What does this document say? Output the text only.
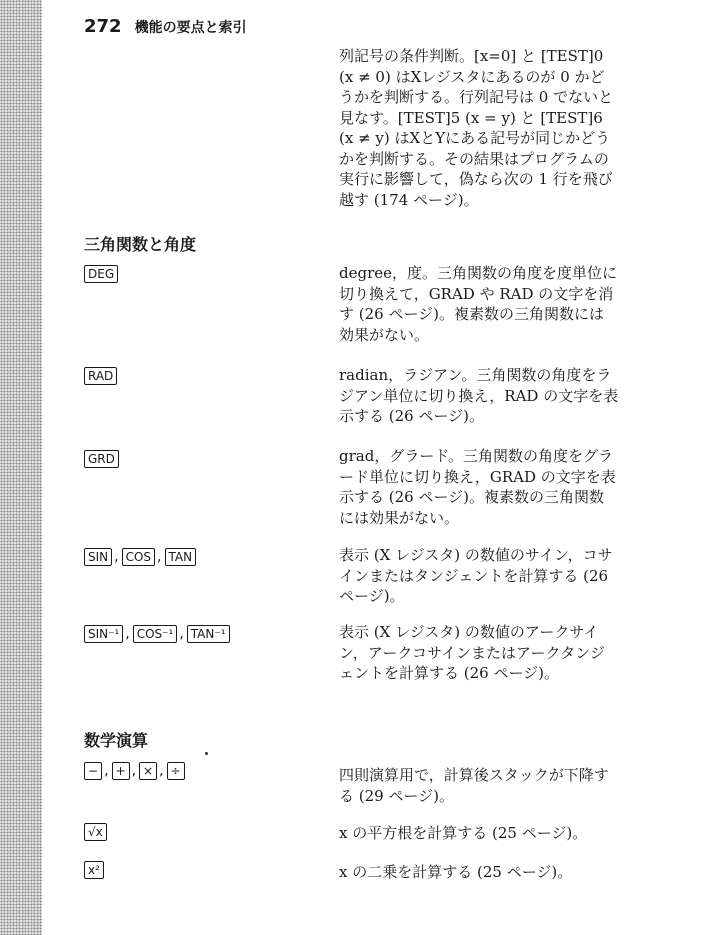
272 機能の要点と索引
列記号の条件判断。[x=0] と [TEST]0 (x ≠ 0) はXレジスタにあるのが 0 かどうかを判断する。行列記号は 0 でないと見なす。[TEST]5 (x = y) と [TEST]6 (x ≠ y) はXとYにある記号が同じかどうかを判断する。その結果はプログラムの実行に影響して，偽なら次の 1 行を飛び越す (174 ページ)。
三角関数と角度
DEG	degree，度。三角関数の角度を度単位に切り換えて，GRAD や RAD の文字を消す (26 ページ)。複素数の三角関数には効果がない。
RAD	radian，ラジアン。三角関数の角度をラジアン単位に切り換え，RAD の文字を表示する (26 ページ)。
GRD	grad，グラード。三角関数の角度をグラード単位に切り換え，GRAD の文字を表示する (26 ページ)。複素数の三角関数には効果がない。
SIN , COS , TAN	表示 (X レジスタ) の数値のサイン，コサインまたはタンジェントを計算する (26 ページ)。
SIN⁻¹ , COS⁻¹ , TAN⁻¹	表示 (X レジスタ) の数値のアークサイン，アークコサインまたはアークタンジェントを計算する (26 ページ)。
数学演算
− , + , × , ÷	四則演算用で，計算後スタックが下降する (29 ページ)。
√x	x の平方根を計算する (25 ページ)。
x²	x の二乗を計算する (25 ページ)。
